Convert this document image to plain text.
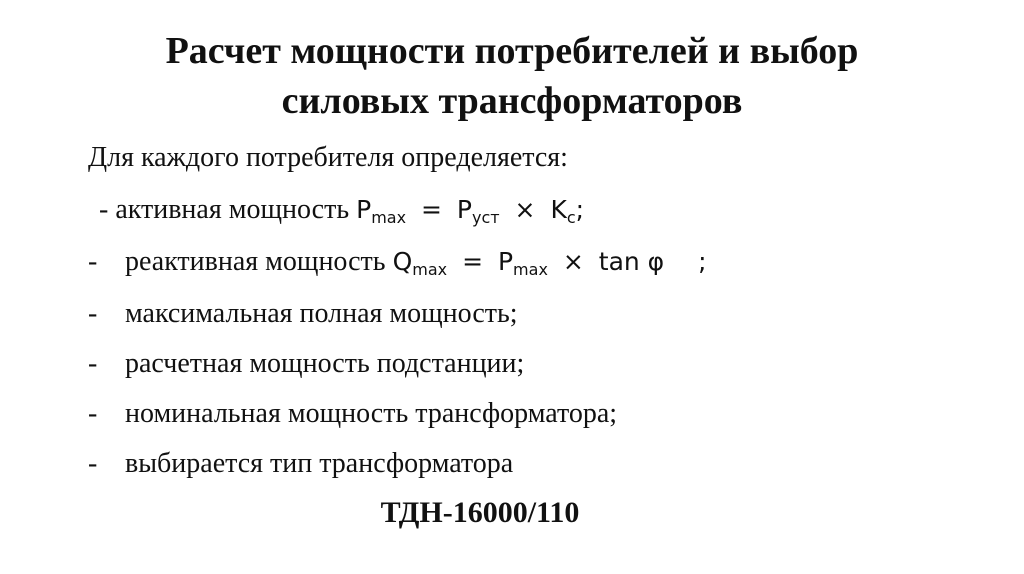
Расчет мощности потребителей и выбор
силовых трансформаторов
Для каждого потребителя определяется:
- активная мощность $P_{max} = P_{уст} \times K_c$;
- реактивная мощность $Q_{max} = P_{max} \times \tan \varphi$ ;
- максимальная полная мощность;
- расчетная мощность подстанции;
- номинальная мощность трансформатора;
- выбирается тип трансформатора
ТДН-16000/110
